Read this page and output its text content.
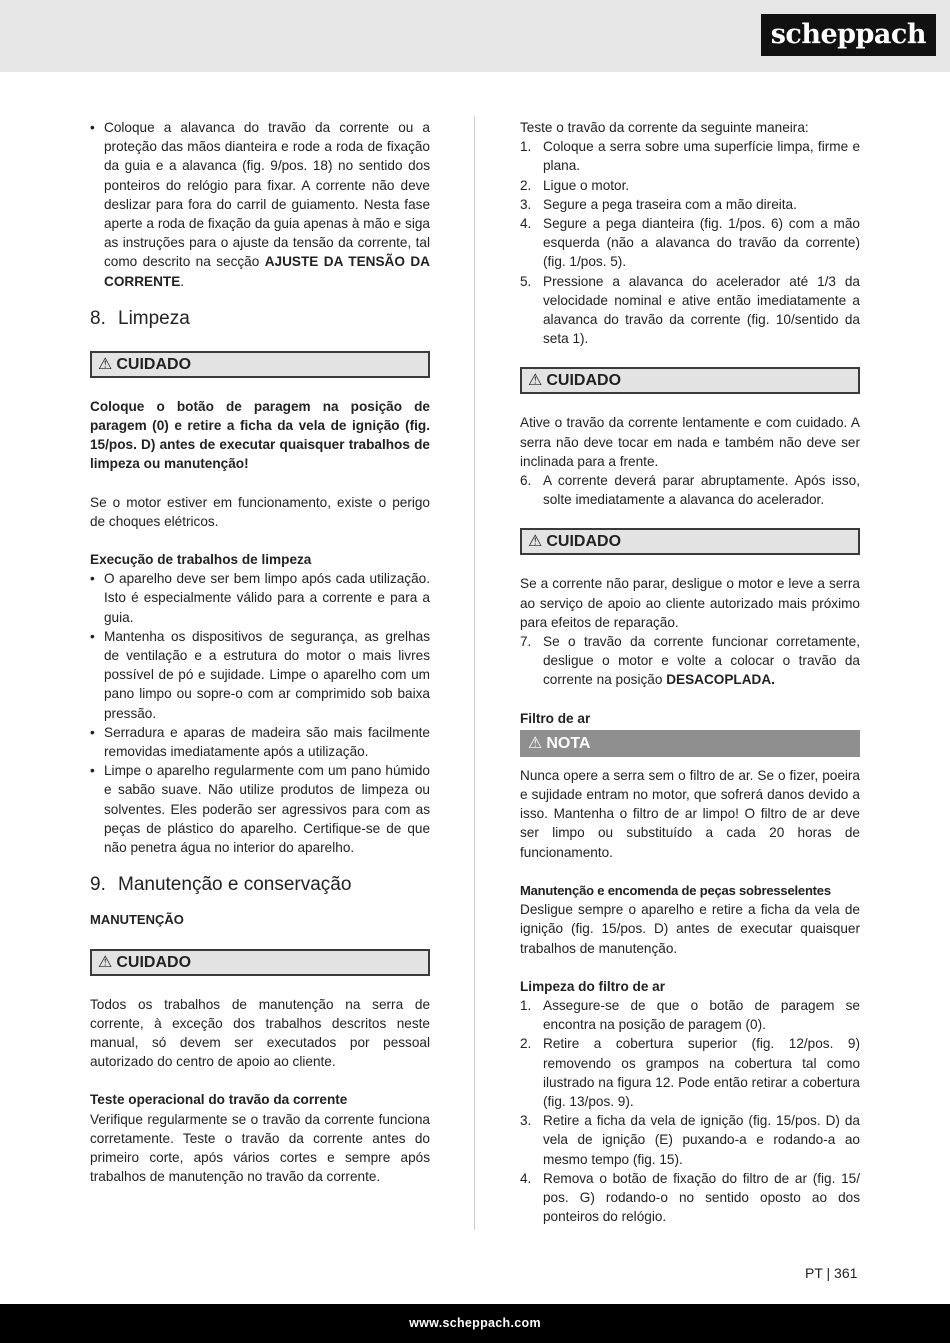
scheppach
• Coloque a alavanca do travão da corrente ou a proteção das mãos dianteira e rode a roda de fixação da guia e a alavanca (fig. 9/pos. 18) no sentido dos ponteiros do relógio para fixar. A corrente não deve deslizar para fora do carril de guiamento. Nesta fase aperte a roda de fixação da guia apenas à mão e siga as instruções para o ajuste da tensão da corrente, tal como descrito na secção AJUSTE DA TENSÃO DA CORRENTE.
8. Limpeza
⚠ CUIDADO

Coloque o botão de paragem na posição de paragem (0) e retire a ficha da vela de ignição (fig. 15/pos. D) antes de executar quaisquer trabalhos de limpeza ou manutenção!

Se o motor estiver em funcionamento, existe o perigo de choques elétricos.

Execução de trabalhos de limpeza

• O aparelho deve ser bem limpo após cada utilização. Isto é especialmente válido para a corrente e para a guia.
• Mantenha os dispositivos de segurança, as grelhas de ventilação e a estrutura do motor o mais livres possível de pó e sujidade. Limpe o aparelho com um pano limpo ou sopre-o com ar comprimido sob baixa pressão.
• Serradura e aparas de madeira são mais facilmente removidas imediatamente após a utilização.
• Limpe o aparelho regularmente com um pano húmido e sabão suave. Não utilize produtos de limpeza ou solventes. Eles poderão ser agressivos para com as peças de plástico do aparelho. Certifique-se de que não penetra água no interior do aparelho.
9. Manutenção e conservação

MANUTENÇÃO

⚠ CUIDADO

Todos os trabalhos de manutenção na serra de corrente, à exceção dos trabalhos descritos neste manual, só devem ser executados por pessoal autorizado do centro de apoio ao cliente.

Teste operacional do travão da corrente

Verifique regularmente se o travão da corrente funciona corretamente. Teste o travão da corrente antes do primeiro corte, após vários cortes e sempre após trabalhos de manutenção no travão da corrente.

Teste o travão da corrente da seguinte maneira:

1. Coloque a serra sobre uma superfície limpa, firme e plana.
2. Ligue o motor.
3. Segure a pega traseira com a mão direita.
4. Segure a pega dianteira (fig. 1/pos. 6) com a mão esquerda (não a alavanca do travão da corrente) (fig. 1/pos. 5).
5. Pressione a alavanca do acelerador até 1/3 da velocidade nominal e ative então imediatamente a alavanca do travão da corrente (fig. 10/sentido da seta 1).
⚠ CUIDADO

Ative o travão da corrente lentamente e com cuidado. A serra não deve tocar em nada e também não deve ser inclinada para a frente.

6. A corrente deverá parar abruptamente. Após isso, solte imediatamente a alavanca do acelerador.
⚠ CUIDADO

Se a corrente não parar, desligue o motor e leve a serra ao serviço de apoio ao cliente autorizado mais próximo para efeitos de reparação.

7. Se o travão da corrente funcionar corretamente, desligue o motor e volte a colocar o travão da corrente na posição DESACOPLADA.

Filtro de ar

⚠ NOTA

Nunca opere a serra sem o filtro de ar. Se o fizer, poeira e sujidade entram no motor, que sofrerá danos devido a isso. Mantenha o filtro de ar limpo! O filtro de ar deve ser limpo ou substituído a cada 20 horas de funcionamento.

Manutenção e encomenda de peças sobresselentes

Desligue sempre o aparelho e retire a ficha da vela de ignição (fig. 15/pos. D) antes de executar quaisquer trabalhos de manutenção.

Limpeza do filtro de ar

1. Assegure-se de que o botão de paragem se encontra na posição de paragem (0).
2. Retire a cobertura superior (fig. 12/pos. 9) removendo os grampos na cobertura tal como ilustrado na figura 12. Pode então retirar a cobertura (fig. 13/pos. 9).
3. Retire a ficha da vela de ignição (fig. 15/pos. D) da vela de ignição (E) puxando-a e rodando-a ao mesmo tempo (fig. 15).
4. Remova o botão de fixação do filtro de ar (fig. 15/ pos. G) rodando-o no sentido oposto ao dos ponteiros do relógio.
PT | 361
www.scheppach.com
